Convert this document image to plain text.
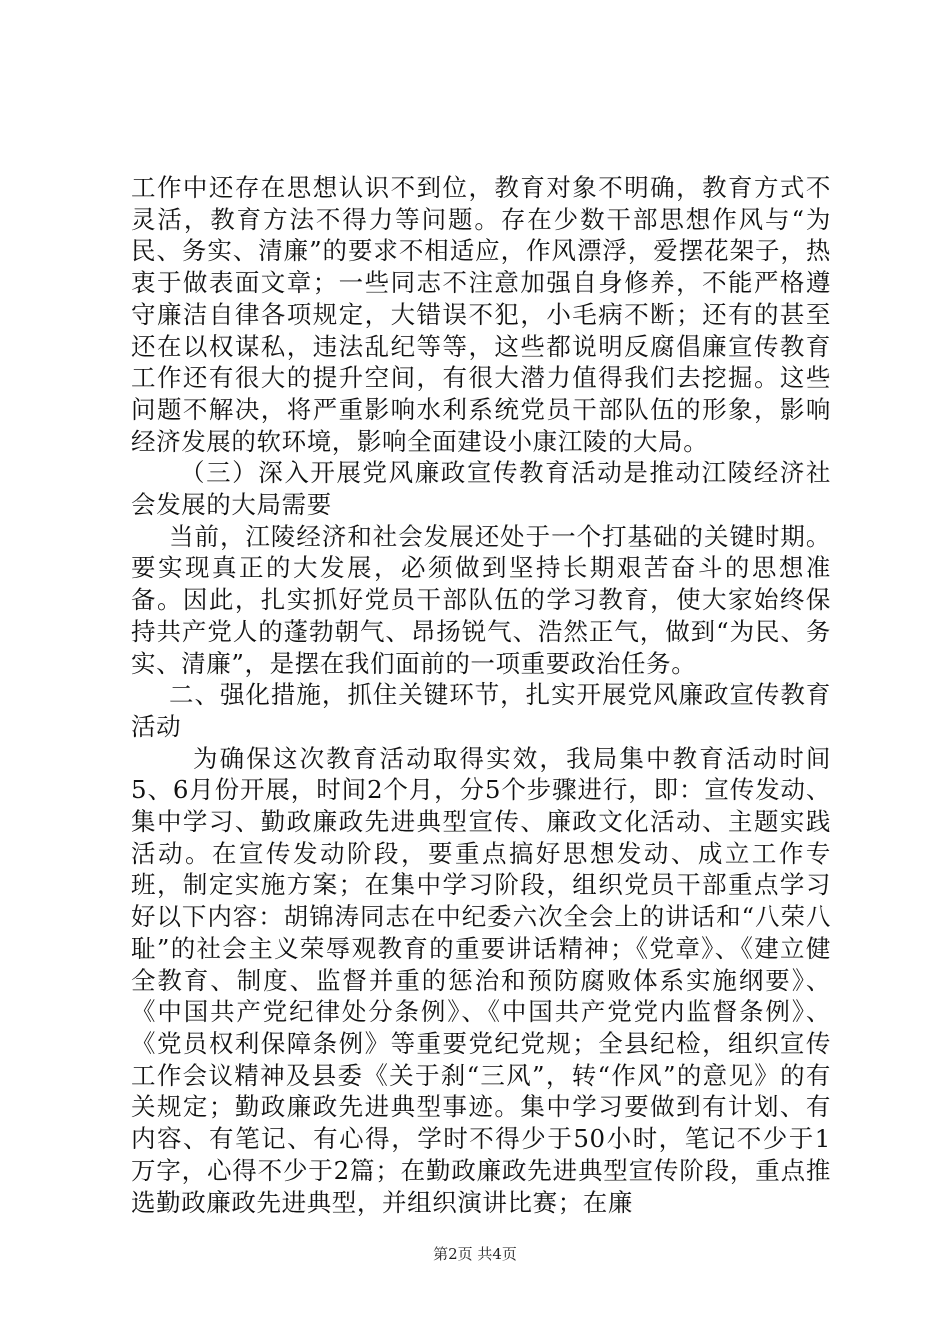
工作中还存在思想认识不到位，教育对象不明确，教育方式不灵活，教育方法不得力等问题。存在少数干部思想作风与“为民、务实、清廉”的要求不相适应，作风漂浮，爱摆花架子，热衷于做表面文章；一些同志不注意加强自身修养，不能严格遵守廉洁自律各项规定，大错误不犯，小毛病不断；还有的甚至还在以权谋私，违法乱纪等等，这些都说明反腐倡廉宣传教育工作还有很大的提升空间，有很大潜力值得我们去挖掘。这些问题不解决，将严重影响水利系统党员干部队伍的形象，影响经济发展的软环境，影响全面建设小康江陵的大局。

（三）深入开展党风廉政宣传教育活动是推动江陵经济社会发展的大局需要

当前，江陵经济和社会发展还处于一个打基础的关键时期。要实现真正的大发展，必须做到坚持长期艰苦奋斗的思想准备。因此，扎实抓好党员干部队伍的学习教育，使大家始终保持共产党人的蓬勃朝气、昂扬锐气、浩然正气，做到“为民、务实、清廉”，是摆在我们面前的一项重要政治任务。

二、强化措施，抓住关键环节，扎实开展党风廉政宣传教育活动

为确保这次教育活动取得实效，我局集中教育活动时间5、6月份开展，时间2个月，分5个步骤进行，即：宣传发动、集中学习、勤政廉政先进典型宣传、廉政文化活动、主题实践活动。在宣传发动阶段，要重点搞好思想发动、成立工作专班，制定实施方案；在集中学习阶段，组织党员干部重点学习好以下内容：胡锦涛同志在中纪委六次全会上的讲话和“八荣八耻”的社会主义荣辱观教育的重要讲话精神；《党章》、《建立健全教育、制度、监督并重的惩治和预防腐败体系实施纲要》、《中国共产党纪律处分条例》、《中国共产党党内监督条例》、《党员权利保障条例》等重要党纪党规；全县纪检，组织宣传工作会议精神及县委《关于刹“三风”，转“作风”的意见》的有关规定；勤政廉政先进典型事迹。集中学习要做到有计划、有内容、有笔记、有心得，学时不得少于50小时，笔记不少于1万字，心得不少于2篇；在勤政廉政先进典型宣传阶段，重点推选勤政廉政先进典型，并组织演讲比赛；在廉

第2页 共4页
